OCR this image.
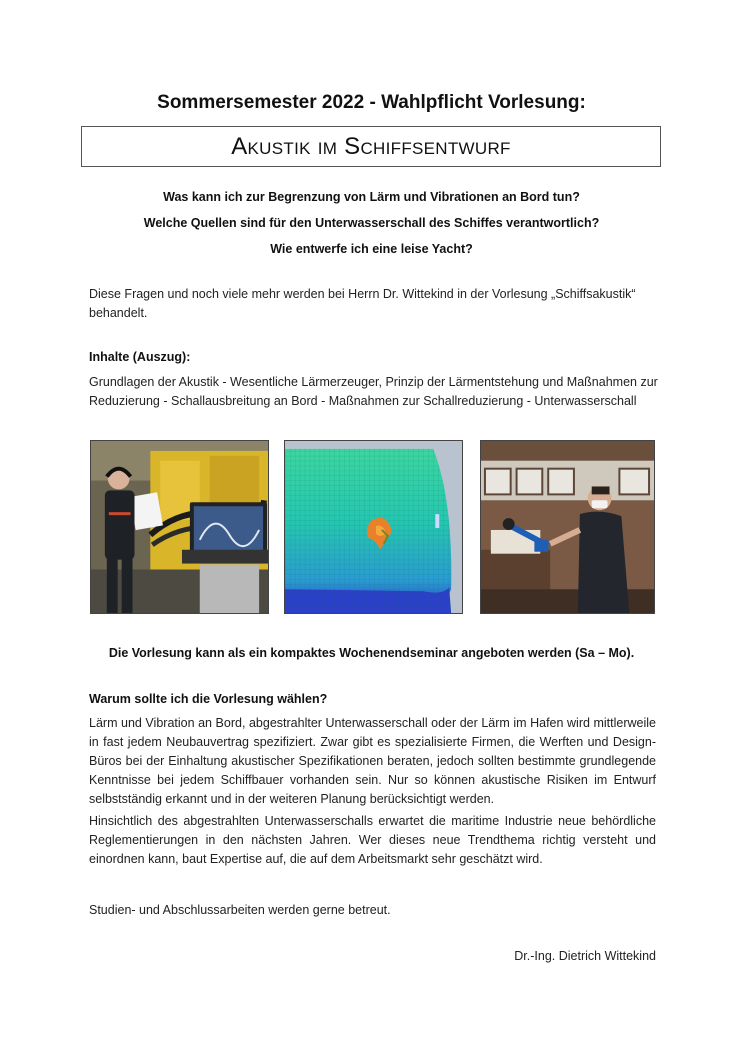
Sommersemester 2022 - Wahlpflicht Vorlesung:
Akustik im Schiffsentwurf
Was kann ich zur Begrenzung von Lärm und Vibrationen an Bord tun?
Welche Quellen sind für den Unterwasserschall des Schiffes verantwortlich?
Wie entwerfe ich eine leise Yacht?
Diese Fragen und noch viele mehr werden bei Herrn Dr. Wittekind in der Vorlesung „Schiffsakustik“ behandelt.
Inhalte (Auszug):
Grundlagen der Akustik - Wesentliche Lärmerzeuger, Prinzip der Lärmentstehung und Maßnahmen zur Reduzierung - Schallausbreitung an Bord - Maßnahmen zur Schallreduzierung - Unterwasserschall
Die Vorlesung kann als ein kompaktes Wochenendseminar angeboten werden (Sa – Mo).
Warum sollte ich die Vorlesung wählen?

Lärm und Vibration an Bord, abgestrahlter Unterwasserschall oder der Lärm im Hafen wird mittlerweile in fast jedem Neubauvertrag spezifiziert. Zwar gibt es spezialisierte Firmen, die Werften und Design-Büros bei der Einhaltung akustischer Spezifikationen beraten, jedoch sollten bestimmte grundlegende Kenntnisse bei jedem Schiffbauer vorhanden sein. Nur so können akustische Risiken im Entwurf selbstständig erkannt und in der weiteren Planung berücksichtigt werden.

Hinsichtlich des abgestrahlten Unterwasserschalls erwartet die maritime Industrie neue behördliche Reglementierungen in den nächsten Jahren. Wer dieses neue Trendthema richtig versteht und einordnen kann, baut Expertise auf, die auf dem Arbeitsmarkt sehr geschätzt wird.

Studien- und Abschlussarbeiten werden gerne betreut.
Dr.-Ing. Dietrich Wittekind
